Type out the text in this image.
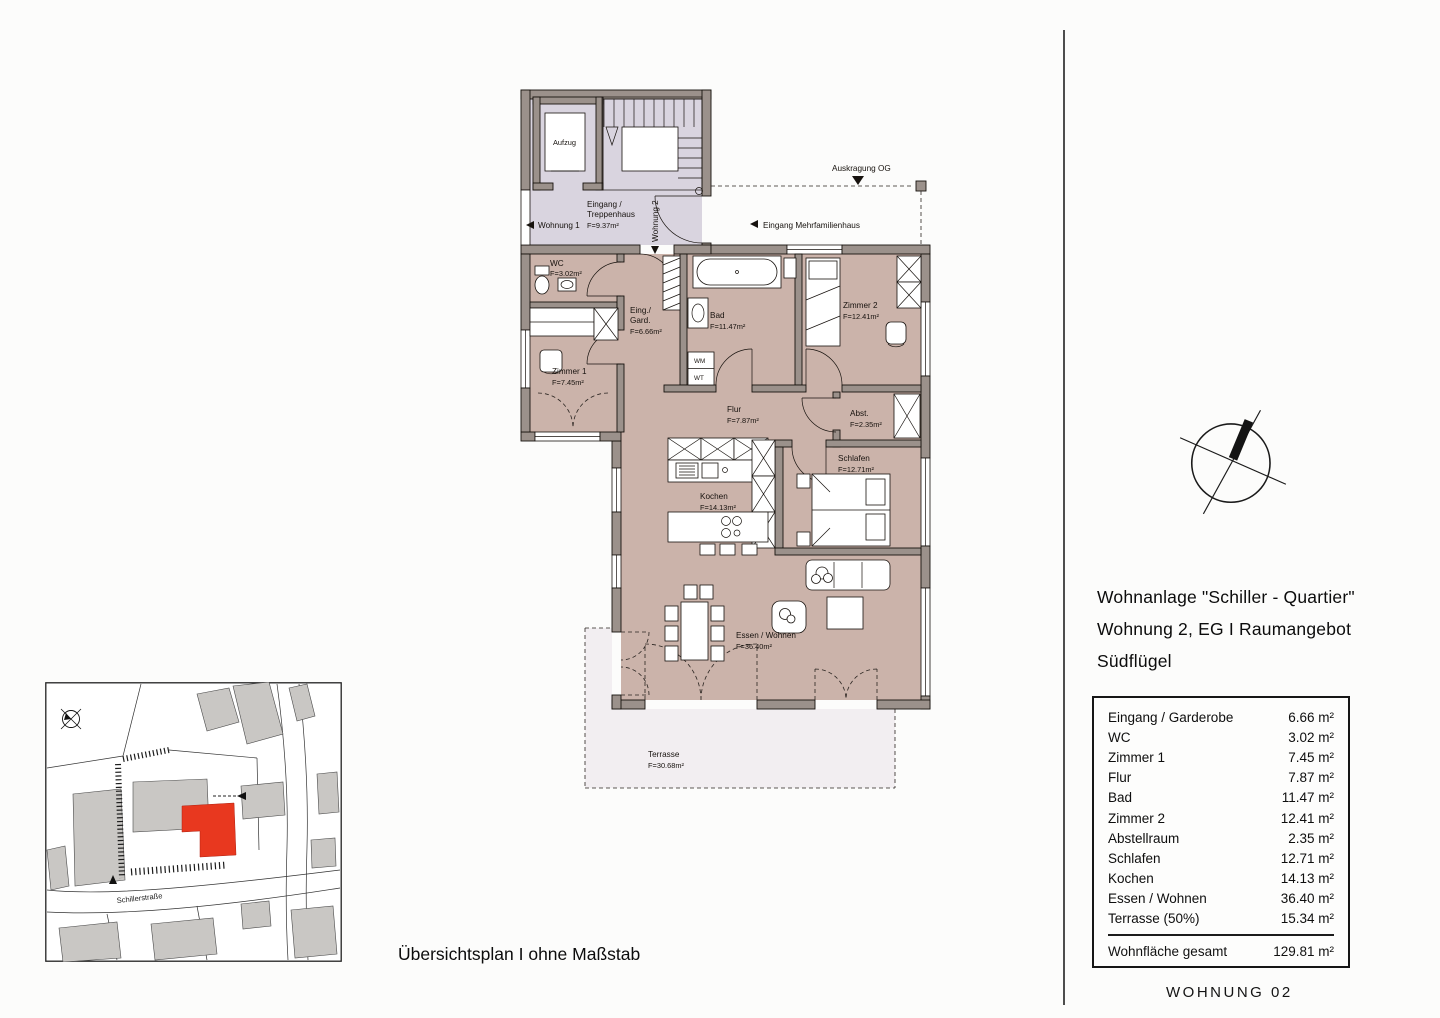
Terrasse
F=30.68m²
Aufzug
Eingang /
Treppenhaus
F=9.37m²
Wohnung 1	Wohnung 2
Auskragung OG
Eingang Mehrfamilienhaus
WC
F=3.02m²
Zimmer 1
F=7.45m²
Eing./
Gard.
F=6.66m²
WM
WT
Bad
F=11.47m²
Zimmer 2
F=12.41m²
Flur
F=7.87m²
Abst.
F=2.35m²
Schlafen
F=12.71m²
Kochen
F=14.13m²
Essen / Wohnen
F=36.40m²
Schillerstraße
Übersichtsplan I ohne Maßstab
Wohnanlage "Schiller - Quartier"
Wohnung 2, EG I Raumangebot
Südflügel
Eingang / Garderobe	6.66 m²
WC	3.02 m²
Zimmer 1	7.45 m²
Flur	7.87 m²
Bad	11.47 m²
Zimmer 2	12.41 m²
Abstellraum	2.35 m²
Schlafen	12.71 m²
Kochen	14.13 m²
Essen / Wohnen	36.40 m²
Terrasse (50%)	15.34 m²
Wohnfläche gesamt	129.81 m²
WOHNUNG 02
